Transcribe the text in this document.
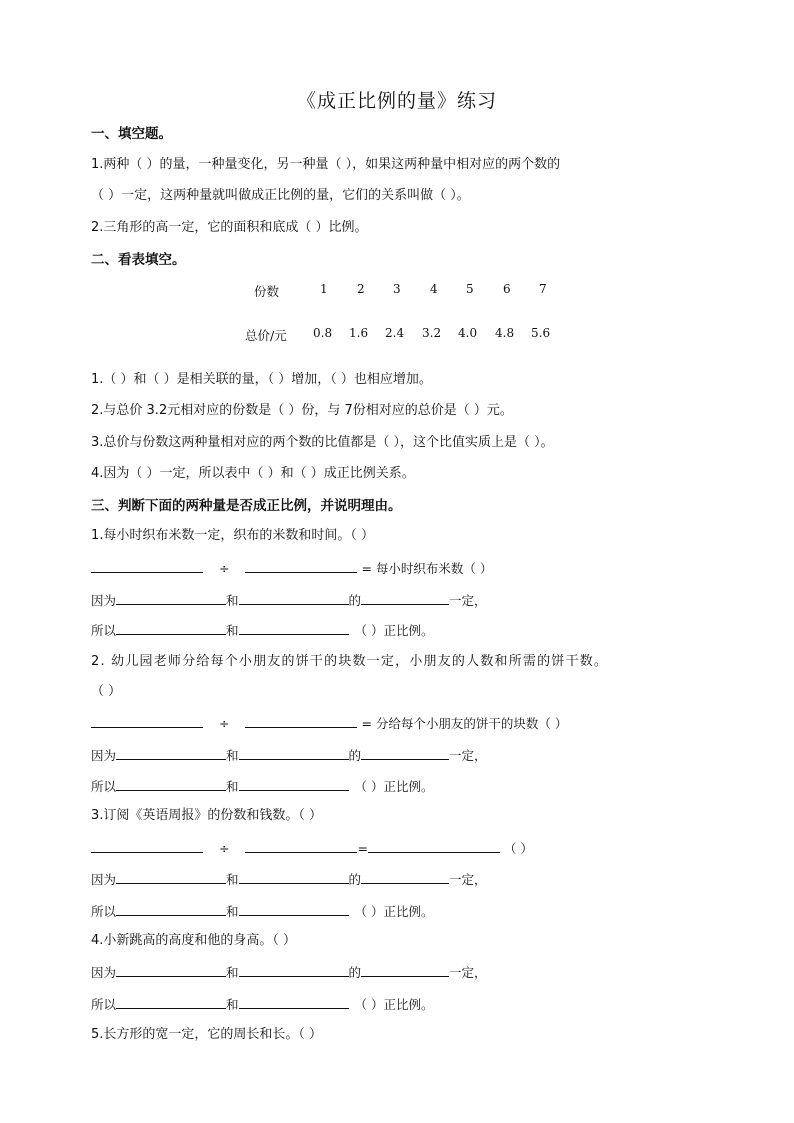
《成正比例的量》练习
一、填空题。
1.两种（ ）的量，一种量变化，另一种量（ ），如果这两种量中相对应的两个数的
（ ）一定，这两种量就叫做成正比例的量，它们的关系叫做（ ）。
2.三角形的高一定，它的面积和底成（ ）比例。
二、看表填空。
份数	1 2 3 4 5 6 7
总价/元 0.8 1.6 2.4 3.2 4.0 4.8 5.6
1.（ ）和（ ）是相关联的量，（ ）增加，（ ）也相应增加。
2.与总价 3.2元相对应的份数是（ ）份，与 7份相对应的总价是（ ）元。
3.总价与份数这两种量相对应的两个数的比值都是（ ），这个比值实质上是（ ）。
4.因为（ ）一定，所以表中（ ）和（ ）成正比例关系。
三、判断下面的两种量是否成正比例，并说明理由。
1.每小时织布米数一定，织布的米数和时间。（ ）
÷	= 每小时织布米数（ ）
因为	和	的	一定，
所以	和	（ ）正比例。
2. 幼儿园老师分给每个小朋友的饼干的块数一定，小朋友的人数和所需的饼干数。
（ ）
÷	= 分给每个小朋友的饼干的块数（ ）
因为	和	的	一定，
所以	和	（ ）正比例。
3.订阅《英语周报》的份数和钱数。（ ）
÷	=	（ ）
因为	和	的	一定，
所以	和	（ ）正比例。
4.小新跳高的高度和他的身高。（ ）
因为	和	的	一定，
所以	和	（ ）正比例。
5.长方形的宽一定，它的周长和长。（ ）
